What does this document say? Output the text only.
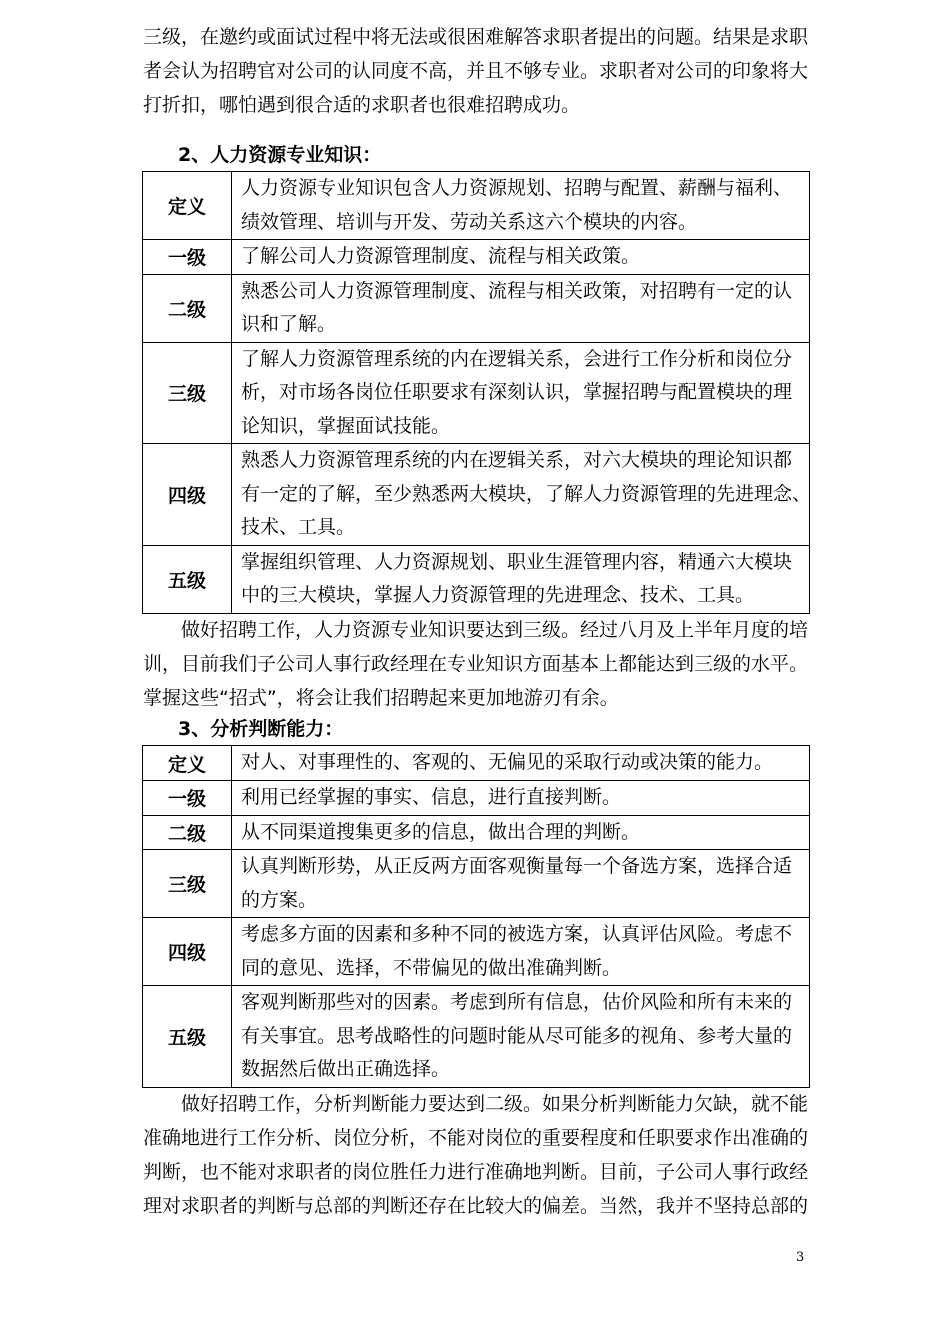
三级，在邀约或面试过程中将无法或很困难解答求职者提出的问题。结果是求职
者会认为招聘官对公司的认同度不高，并且不够专业。求职者对公司的印象将大
打折扣，哪怕遇到很合适的求职者也很难招聘成功。

2、人力资源专业知识：

定义	人力资源专业知识包含人力资源规划、招聘与配置、薪酬与福利、
绩效管理、培训与开发、劳动关系这六个模块的内容。

一级	了解公司人力资源管理制度、流程与相关政策。

二级	熟悉公司人力资源管理制度、流程与相关政策，对招聘有一定的认
识和了解。

三级	了解人力资源管理系统的内在逻辑关系，会进行工作分析和岗位分
析，对市场各岗位任职要求有深刻认识，掌握招聘与配置模块的理
论知识，掌握面试技能。

四级	熟悉人力资源管理系统的内在逻辑关系，对六大模块的理论知识都
有一定的了解，至少熟悉两大模块，了解人力资源管理的先进理念、
技术、工具。

五级	掌握组织管理、人力资源规划、职业生涯管理内容，精通六大模块
中的三大模块，掌握人力资源管理的先进理念、技术、工具。

　　做好招聘工作，人力资源专业知识要达到三级。经过八月及上半年月度的培
训，目前我们子公司人事行政经理在专业知识方面基本上都能达到三级的水平。
掌握这些“招式”，将会让我们招聘起来更加地游刃有余。

3、分析判断能力：

定义	对人、对事理性的、客观的、无偏见的采取行动或决策的能力。

一级	利用已经掌握的事实、信息，进行直接判断。

二级	从不同渠道搜集更多的信息，做出合理的判断。

三级	认真判断形势，从正反两方面客观衡量每一个备选方案，选择合适
的方案。

四级	考虑多方面的因素和多种不同的被选方案，认真评估风险。考虑不
同的意见、选择，不带偏见的做出准确判断。

五级	客观判断那些对的因素。考虑到所有信息，估价风险和所有未来的
有关事宜。思考战略性的问题时能从尽可能多的视角、参考大量的
数据然后做出正确选择。

　　做好招聘工作，分析判断能力要达到二级。如果分析判断能力欠缺，就不能
准确地进行工作分析、岗位分析，不能对岗位的重要程度和任职要求作出准确的
判断，也不能对求职者的岗位胜任力进行准确地判断。目前，子公司人事行政经
理对求职者的判断与总部的判断还存在比较大的偏差。当然，我并不坚持总部的

3
